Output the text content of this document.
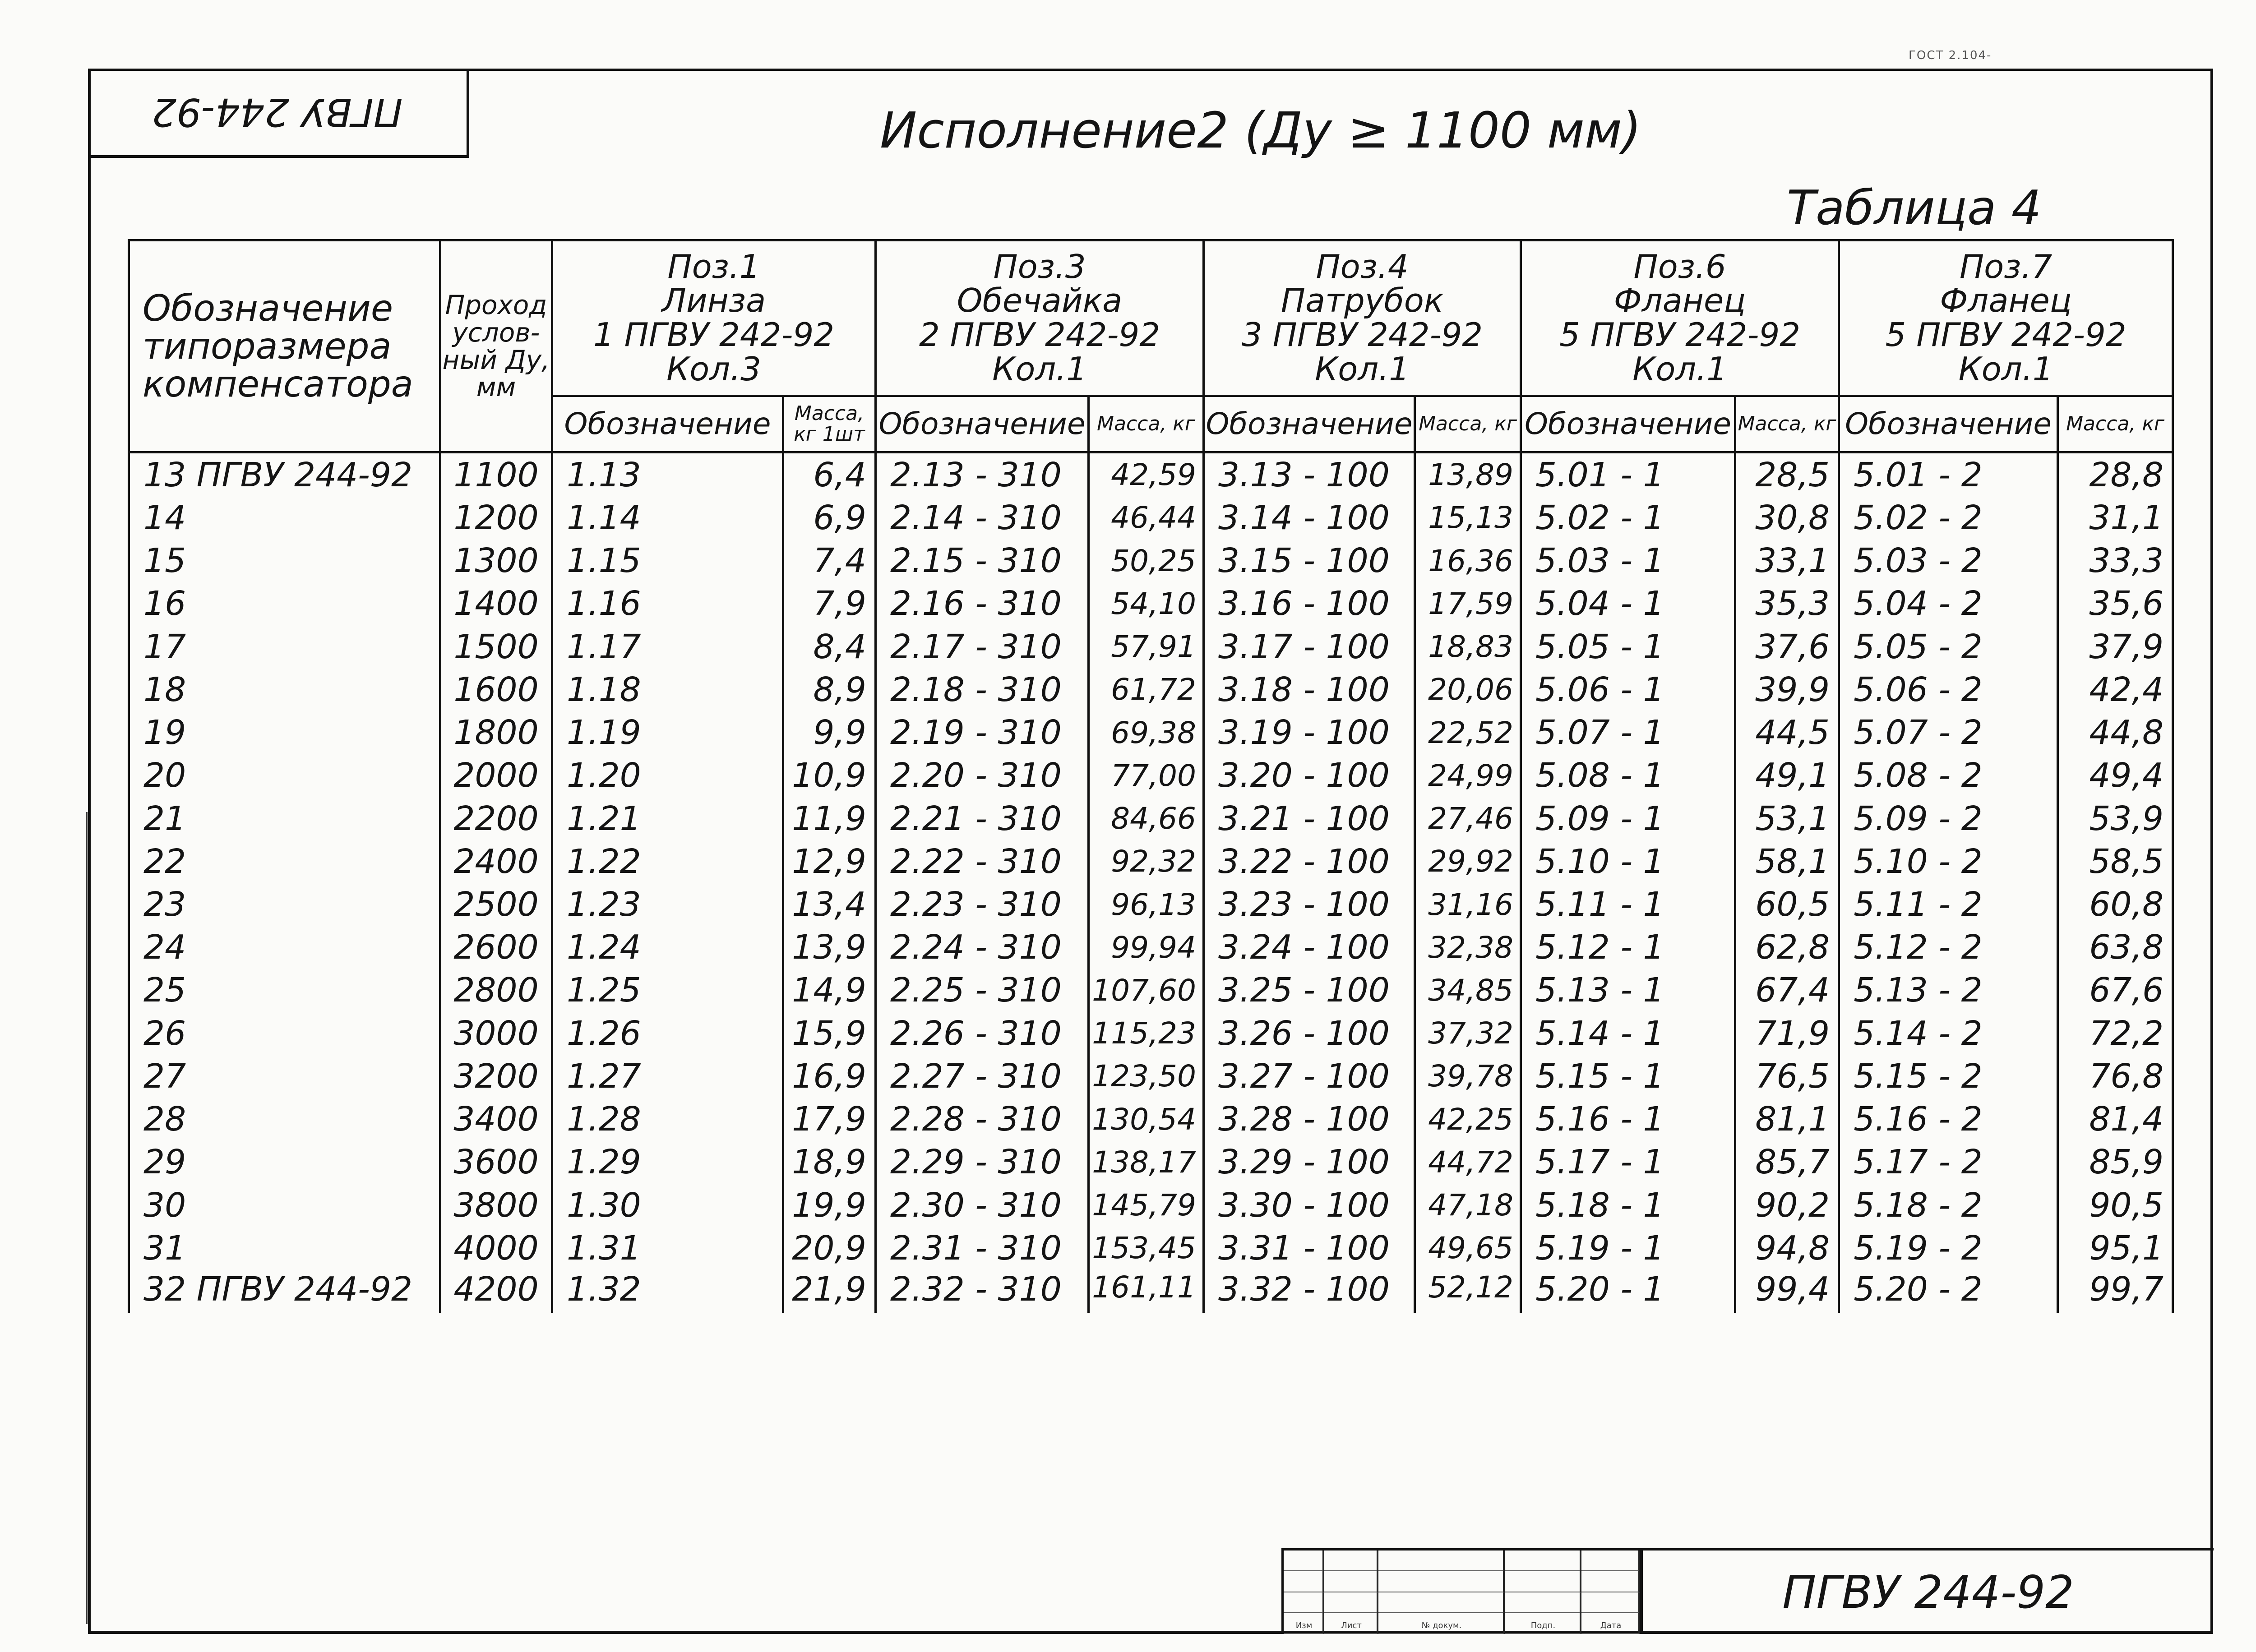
ГОСТ 2.104-
ПГВУ 244-92	Исполнение2 (Ду ≥ 1100 мм)
Таблица 4
Обозначение типоразмера компенсатора	Проход услов-ный Ду, мм	Поз.1
Линза
1 ПГВУ 242-92
Кол.3		Поз.3
Обечайка
2 ПГВУ 242-92
Кол.1		Поз.4
Патрубок
3 ПГВУ 242-92
Кол.1		Поз.6
Фланец
5 ПГВУ 242-92
Кол.1		Поз.7
Фланец
5 ПГВУ 242-92
Кол.1	

		Обозначение	Масса, кг 1шт	Обозначение	Масса, кг	Обозначение	Масса, кг	Обозначение	Масса, кг	Обозначение	Масса, кг
13 ПГВУ 244-92	1100	1.13	6,4	2.13 - 310	42,59	3.13 - 100	13,89	5.01 - 1	28,5	5.01 - 2	28,8
14	1200	1.14	6,9	2.14 - 310	46,44	3.14 - 100	15,13	5.02 - 1	30,8	5.02 - 2	31,1
15	1300	1.15	7,4	2.15 - 310	50,25	3.15 - 100	16,36	5.03 - 1	33,1	5.03 - 2	33,3
16	1400	1.16	7,9	2.16 - 310	54,10	3.16 - 100	17,59	5.04 - 1	35,3	5.04 - 2	35,6
17	1500	1.17	8,4	2.17 - 310	57,91	3.17 - 100	18,83	5.05 - 1	37,6	5.05 - 2	37,9
18	1600	1.18	8,9	2.18 - 310	61,72	3.18 - 100	20,06	5.06 - 1	39,9	5.06 - 2	42,4
19	1800	1.19	9,9	2.19 - 310	69,38	3.19 - 100	22,52	5.07 - 1	44,5	5.07 - 2	44,8
20	2000	1.20	10,9	2.20 - 310	77,00	3.20 - 100	24,99	5.08 - 1	49,1	5.08 - 2	49,4
21	2200	1.21	11,9	2.21 - 310	84,66	3.21 - 100	27,46	5.09 - 1	53,1	5.09 - 2	53,9
22	2400	1.22	12,9	2.22 - 310	92,32	3.22 - 100	29,92	5.10 - 1	58,1	5.10 - 2	58,5
23	2500	1.23	13,4	2.23 - 310	96,13	3.23 - 100	31,16	5.11 - 1	60,5	5.11 - 2	60,8
24	2600	1.24	13,9	2.24 - 310	99,94	3.24 - 100	32,38	5.12 - 1	62,8	5.12 - 2	63,8
25	2800	1.25	14,9	2.25 - 310	107,60	3.25 - 100	34,85	5.13 - 1	67,4	5.13 - 2	67,6
26	3000	1.26	15,9	2.26 - 310	115,23	3.26 - 100	37,32	5.14 - 1	71,9	5.14 - 2	72,2
27	3200	1.27	16,9	2.27 - 310	123,50	3.27 - 100	39,78	5.15 - 1	76,5	5.15 - 2	76,8
28	3400	1.28	17,9	2.28 - 310	130,54	3.28 - 100	42,25	5.16 - 1	81,1	5.16 - 2	81,4
29	3600	1.29	18,9	2.29 - 310	138,17	3.29 - 100	44,72	5.17 - 1	85,7	5.17 - 2	85,9
30	3800	1.30	19,9	2.30 - 310	145,79	3.30 - 100	47,18	5.18 - 1	90,2	5.18 - 2	90,5
31	4000	1.31	20,9	2.31 - 310	153,45	3.31 - 100	49,65	5.19 - 1	94,8	5.19 - 2	95,1
32 ПГВУ 244-92	4200	1.32	21,9	2.32 - 310	161,11	3.32 - 100	52,12	5.20 - 1	99,4	5.20 - 2	99,7
Изм	Лист	№ докум.	Подп.	Дата
ПГВУ 244-92
